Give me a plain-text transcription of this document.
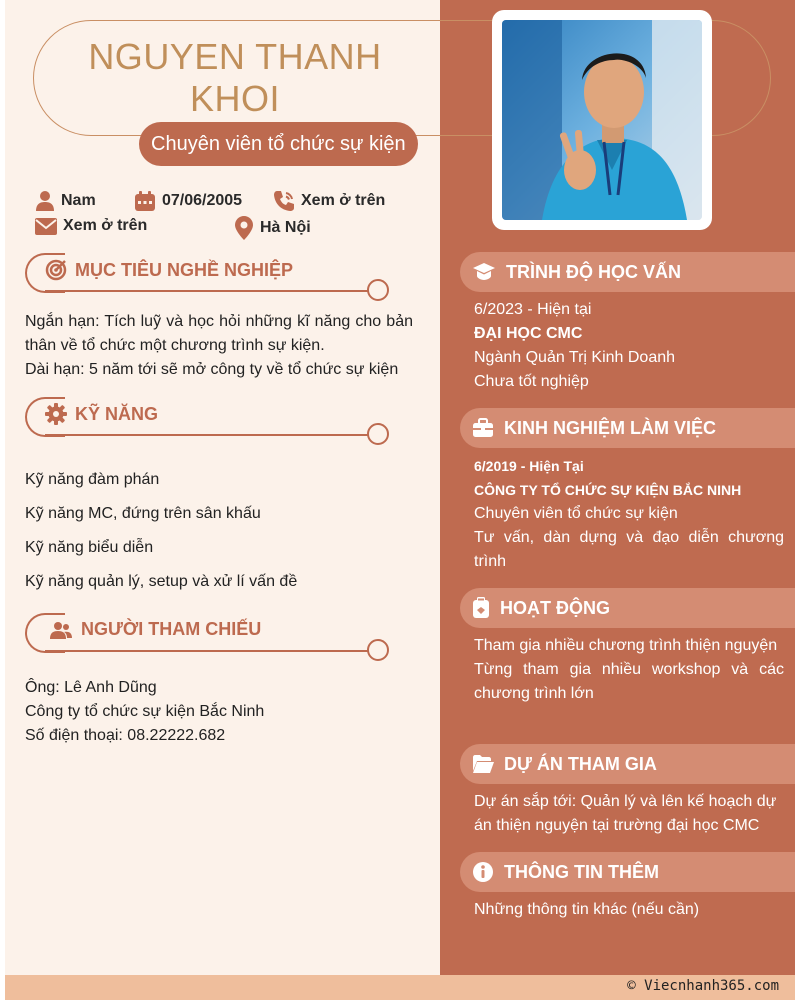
NGUYEN THANH
KHOI
Chuyên viên tổ chức sự kiện
Nam	07/06/2005	Xem ở trên
Xem ở trên	Hà Nội
MỤC TIÊU NGHỀ NGHIỆP
Ngắn hạn: Tích luỹ và học hỏi những kĩ năng cho bản thân về tổ chức một chương trình sự kiện.
Dài hạn: 5 năm tới sẽ mở công ty về tổ chức sự kiện
KỸ NĂNG
Kỹ năng đàm phán
Kỹ năng MC, đứng trên sân khấu
Kỹ năng biểu diễn
Kỹ năng quản lý, setup và xử lí vấn đề
NGƯỜI THAM CHIẾU
Ông: Lê Anh Dũng
Công ty tổ chức sự kiện Bắc Ninh
Số điện thoại: 08.22222.682
TRÌNH ĐỘ HỌC VẤN
6/2023 - Hiện tại
ĐẠI HỌC CMC
Ngành Quản Trị Kinh Doanh
Chưa tốt nghiệp
KINH NGHIỆM LÀM VIỆC
6/2019 - Hiện Tại
CÔNG TY TỔ CHỨC SỰ KIỆN BẮC NINH
Chuyên viên tổ chức sự kiện
Tư vấn, dàn dựng và đạo diễn chương trình
HOẠT ĐỘNG
Tham gia nhiều chương trình thiện nguyện
Từng tham gia nhiều workshop và các chương trình lớn
DỰ ÁN THAM GIA
Dự án sắp tới: Quản lý và lên kế hoạch dự án thiện nguyện tại trường đại học CMC
THÔNG TIN THÊM
Những thông tin khác (nếu cần)
© Viecnhanh365.com
